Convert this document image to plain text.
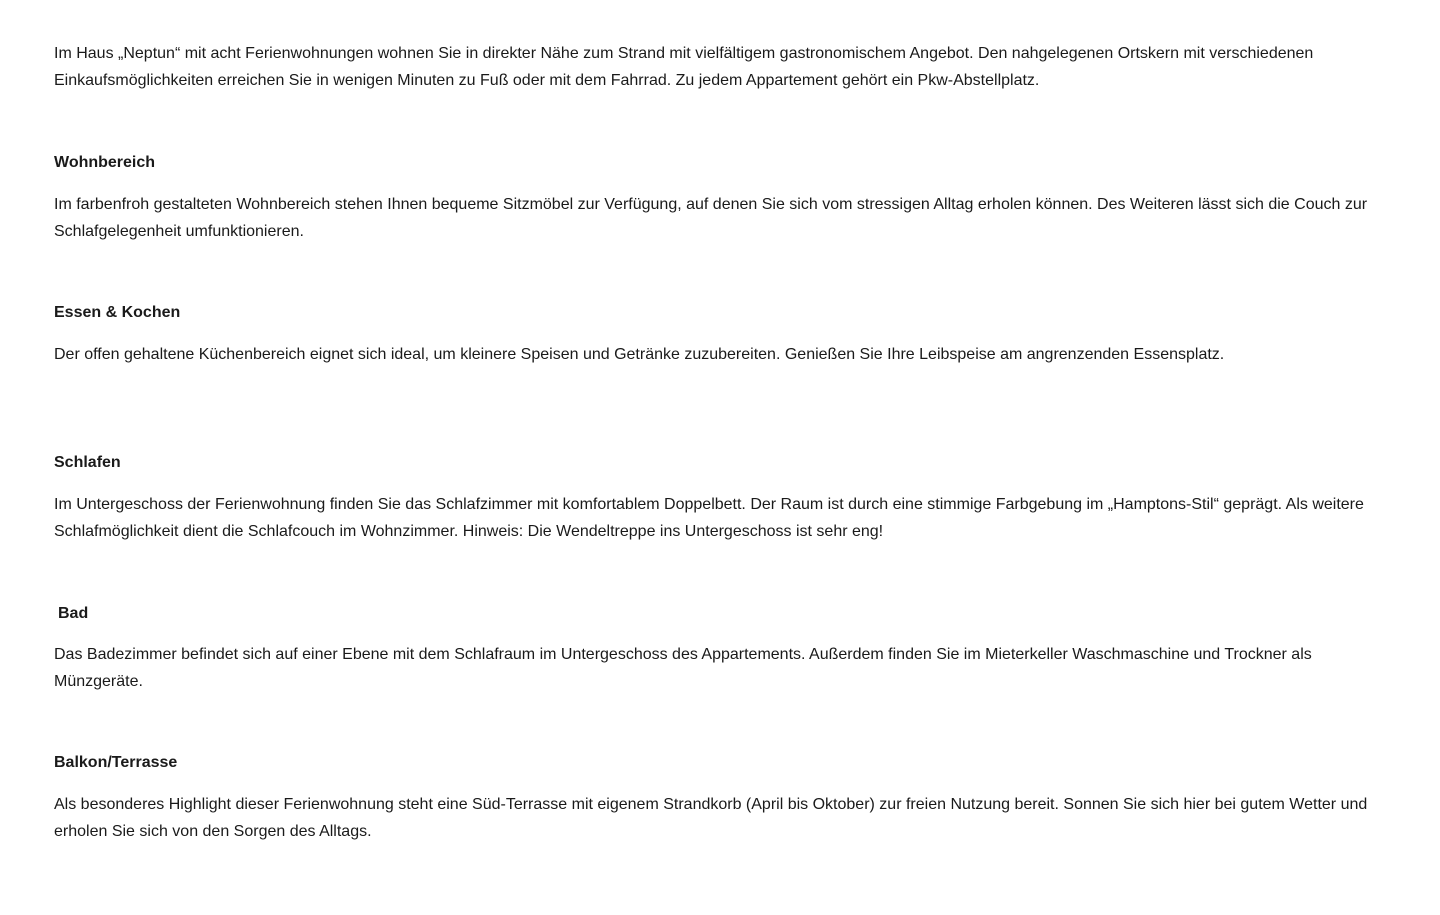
Im Haus „Neptun“ mit acht Ferienwohnungen wohnen Sie in direkter Nähe zum Strand mit vielfältigem gastronomischem Angebot. Den nahgelegenen Ortskern mit verschiedenen Einkaufsmöglichkeiten erreichen Sie in wenigen Minuten zu Fuß oder mit dem Fahrrad. Zu jedem Appartement gehört ein Pkw-Abstellplatz.

Wohnbereich

Im farbenfroh gestalteten Wohnbereich stehen Ihnen bequeme Sitzmöbel zur Verfügung, auf denen Sie sich vom stressigen Alltag erholen können. Des Weiteren lässt sich die Couch zur Schlafgelegenheit umfunktionieren.

Essen & Kochen

Der offen gehaltene Küchenbereich eignet sich ideal, um kleinere Speisen und Getränke zuzubereiten. Genießen Sie Ihre Leibspeise am angrenzenden Essensplatz.

Schlafen

Im Untergeschoss der Ferienwohnung finden Sie das Schlafzimmer mit komfortablem Doppelbett. Der Raum ist durch eine stimmige Farbgebung im „Hamptons-Stil“ geprägt. Als weitere Schlafmöglichkeit dient die Schlafcouch im Wohnzimmer. Hinweis: Die Wendeltreppe ins Untergeschoss ist sehr eng!

Bad

Das Badezimmer befindet sich auf einer Ebene mit dem Schlafraum im Untergeschoss des Appartements. Außerdem finden Sie im Mieterkeller Waschmaschine und Trockner als Münzgeräte.

Balkon/Terrasse

Als besonderes Highlight dieser Ferienwohnung steht eine Süd-Terrasse mit eigenem Strandkorb (April bis Oktober) zur freien Nutzung bereit. Sonnen Sie sich hier bei gutem Wetter und erholen Sie sich von den Sorgen des Alltags.
